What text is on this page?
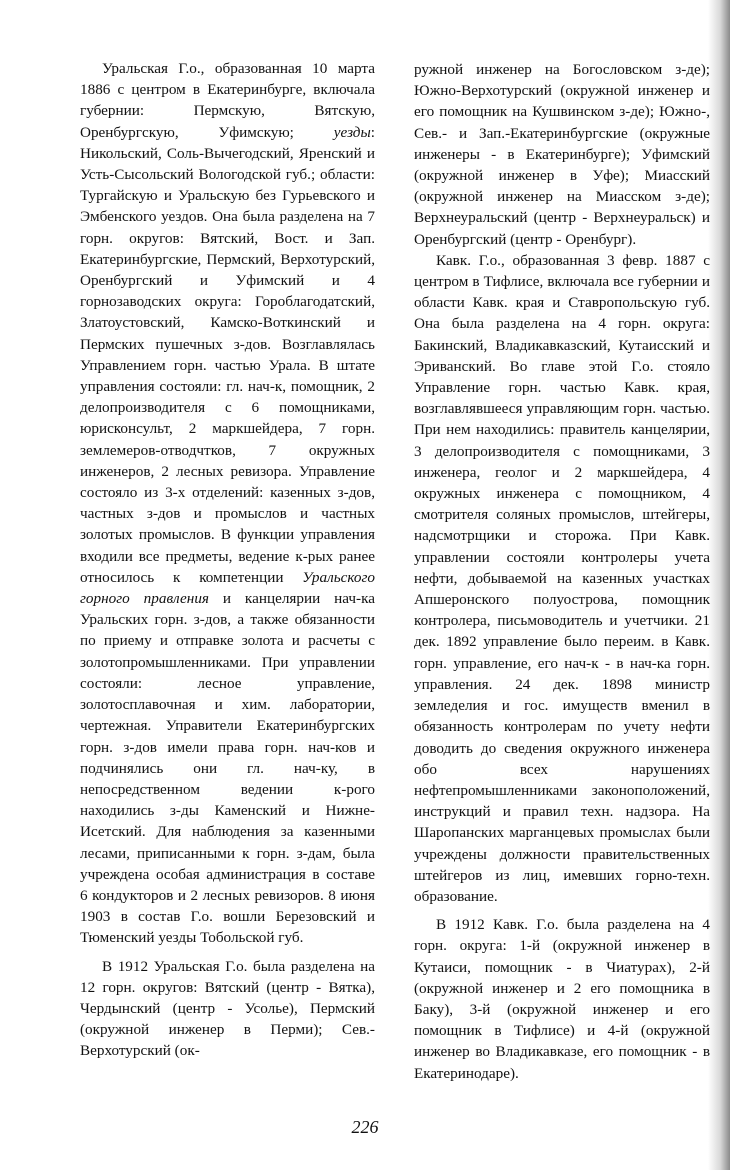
Уральская Г.о., образованная 10 марта 1886 с центром в Екатеринбурге, включала губернии: Пермскую, Вятскую, Оренбургскую, Уфимскую; уезды: Никольский, Соль-Вычегодский, Яренский и Усть-Сысольский Вологодской губ.; области: Тургайскую и Уральскую без Гурьевского и Эмбенского уездов. Она была разделена на 7 горн. округов: Вятский, Вост. и Зап. Екатеринбургские, Пермский, Верхотурский, Оренбургский и Уфимский и 4 горнозаводских округа: Гороблагодатский, Златоустовский, Камско-Воткинский и Пермских пушечных з-дов. Возглавлялась Управлением горн. частью Урала. В штате управления состояли: гл. нач-к, помощник, 2 делопроизводителя с 6 помощниками, юрисконсульт, 2 маркшейдера, 7 горн. землемеров-отводчтков, 7 окружных инженеров, 2 лесных ревизора. Управление состояло из 3-х отделений: казенных з-дов, частных з-дов и промыслов и частных золотых промыслов. В функции управления входили все предметы, ведение к-рых ранее относилось к компетенции Уральского горного правления и канцелярии нач-ка Уральских горн. з-дов, а также обязанности по приему и отправке золота и расчеты с золотопромышленниками. При управлении состояли: лесное управление, золотосплавочная и хим. лаборатории, чертежная. Управители Екатеринбургских горн. з-дов имели права горн. нач-ков и подчинялись они гл. нач-ку, в непосредственном ведении к-рого находились з-ды Каменский и Нижне-Исетский. Для наблюдения за казенными лесами, приписанными к горн. з-дам, была учреждена особая администрация в составе 6 кондукторов и 2 лесных ревизоров. 8 июня 1903 в состав Г.о. вошли Березовский и Тюменский уезды Тобольской губ.

В 1912 Уральская Г.о. была разделена на 12 горн. округов: Вятский (центр - Вятка), Чердынский (центр - Усолье), Пермский (окружной инженер в Перми); Сев.-Верхотурский (ок-

ружной инженер на Богословском з-де); Южно-Верхотурский (окружной инженер и его помощник на Кушвинском з-де); Южно-, Сев.- и Зап.-Екатеринбургские (окружные инженеры - в Екатеринбурге); Уфимский (окружной инженер в Уфе); Миасский (окружной инженер на Миасском з-де); Верхнеуральский (центр - Верхнеуральск) и Оренбургский (центр - Оренбург).

Кавк. Г.о., образованная 3 февр. 1887 с центром в Тифлисе, включала все губернии и области Кавк. края и Ставропольскую губ. Она была разделена на 4 горн. округа: Бакинский, Владикавказский, Кутаисский и Эриванский. Во главе этой Г.о. стояло Управление горн. частью Кавк. края, возглавлявшееся управляющим горн. частью. При нем находились: правитель канцелярии, 3 делопроизводителя с помощниками, 3 инженера, геолог и 2 маркшейдера, 4 окружных инженера с помощником, 4 смотрителя соляных промыслов, штейгеры, надсмотрщики и сторожа. При Кавк. управлении состояли контролеры учета нефти, добываемой на казенных участках Апшеронского полуострова, помощник контролера, письмоводитель и учетчики. 21 дек. 1892 управление было переим. в Кавк. горн. управление, его нач-к - в нач-ка горн. управления. 24 дек. 1898 министр земледелия и гос. имуществ вменил в обязанность контролерам по учету нефти доводить до сведения окружного инженера обо всех нарушениях нефтепромышленниками законоположений, инструкций и правил техн. надзора. На Шаропанских марганцевых промыслах были учреждены должности правительственных штейгеров из лиц, имевших горно-техн. образование.

В 1912 Кавк. Г.о. была разделена на 4 горн. округа: 1-й (окружной инженер в Кутаиси, помощник - в Чиатурах), 2-й (окружной инженер и 2 его помощника в Баку), 3-й (окружной инженер и его помощник в Тифлисе) и 4-й (окружной инженер во Владикавказе, его помощник - в Екатеринодаре).

226
